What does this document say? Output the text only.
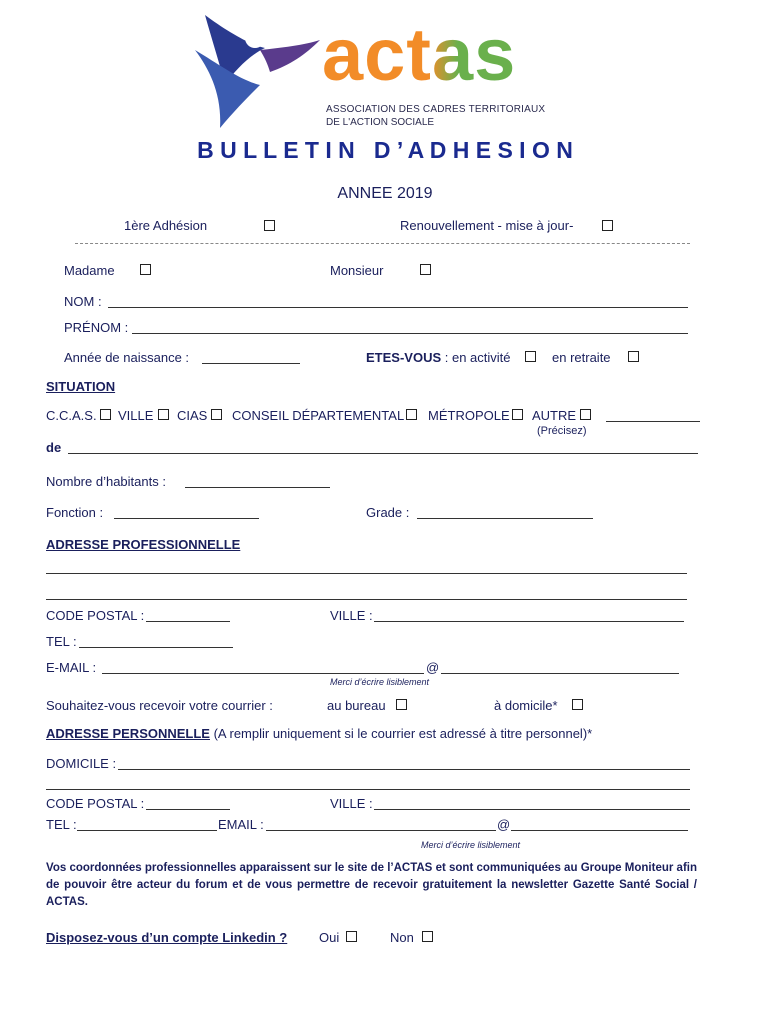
actas
ASSOCIATION DES CADRES TERRITORIAUX
DE L'ACTION SOCIALE
B U L L E T I N   D ’ A D H E S I O N
ANNEE 2019
1ère Adhésion	Renouvellement - mise à jour-
Madame	Monsieur
NOM :
PRÉNOM :
Année de naissance :	ETES-VOUS : en activité	en retraite
SITUATION
C.C.A.S. VILLE CIAS CONSEIL DÉPARTEMENTAL MÉTROPOLE AUTRE
(Précisez)
de
Nombre d’habitants :
Fonction :	Grade :
ADRESSE PROFESSIONNELLE
CODE POSTAL :	VILLE :
TEL :
E-MAIL :	@
Merci d’écrire lisiblement
Souhaitez-vous recevoir votre courrier :	au bureau	à domicile*
ADRESSE PERSONNELLE (A remplir uniquement si le courrier est adressé à titre personnel)*
DOMICILE :
CODE POSTAL :	VILLE :
TEL :	EMAIL :	@
Merci d’écrire lisiblement
Vos coordonnées professionnelles apparaissent sur le site de l’ACTAS et sont communiquées au Groupe Moniteur afin de pouvoir être acteur du forum et de vous permettre de recevoir gratuitement la newsletter Gazette Santé Social / ACTAS.
Disposez-vous d’un compte Linkedin ? Oui	Non
